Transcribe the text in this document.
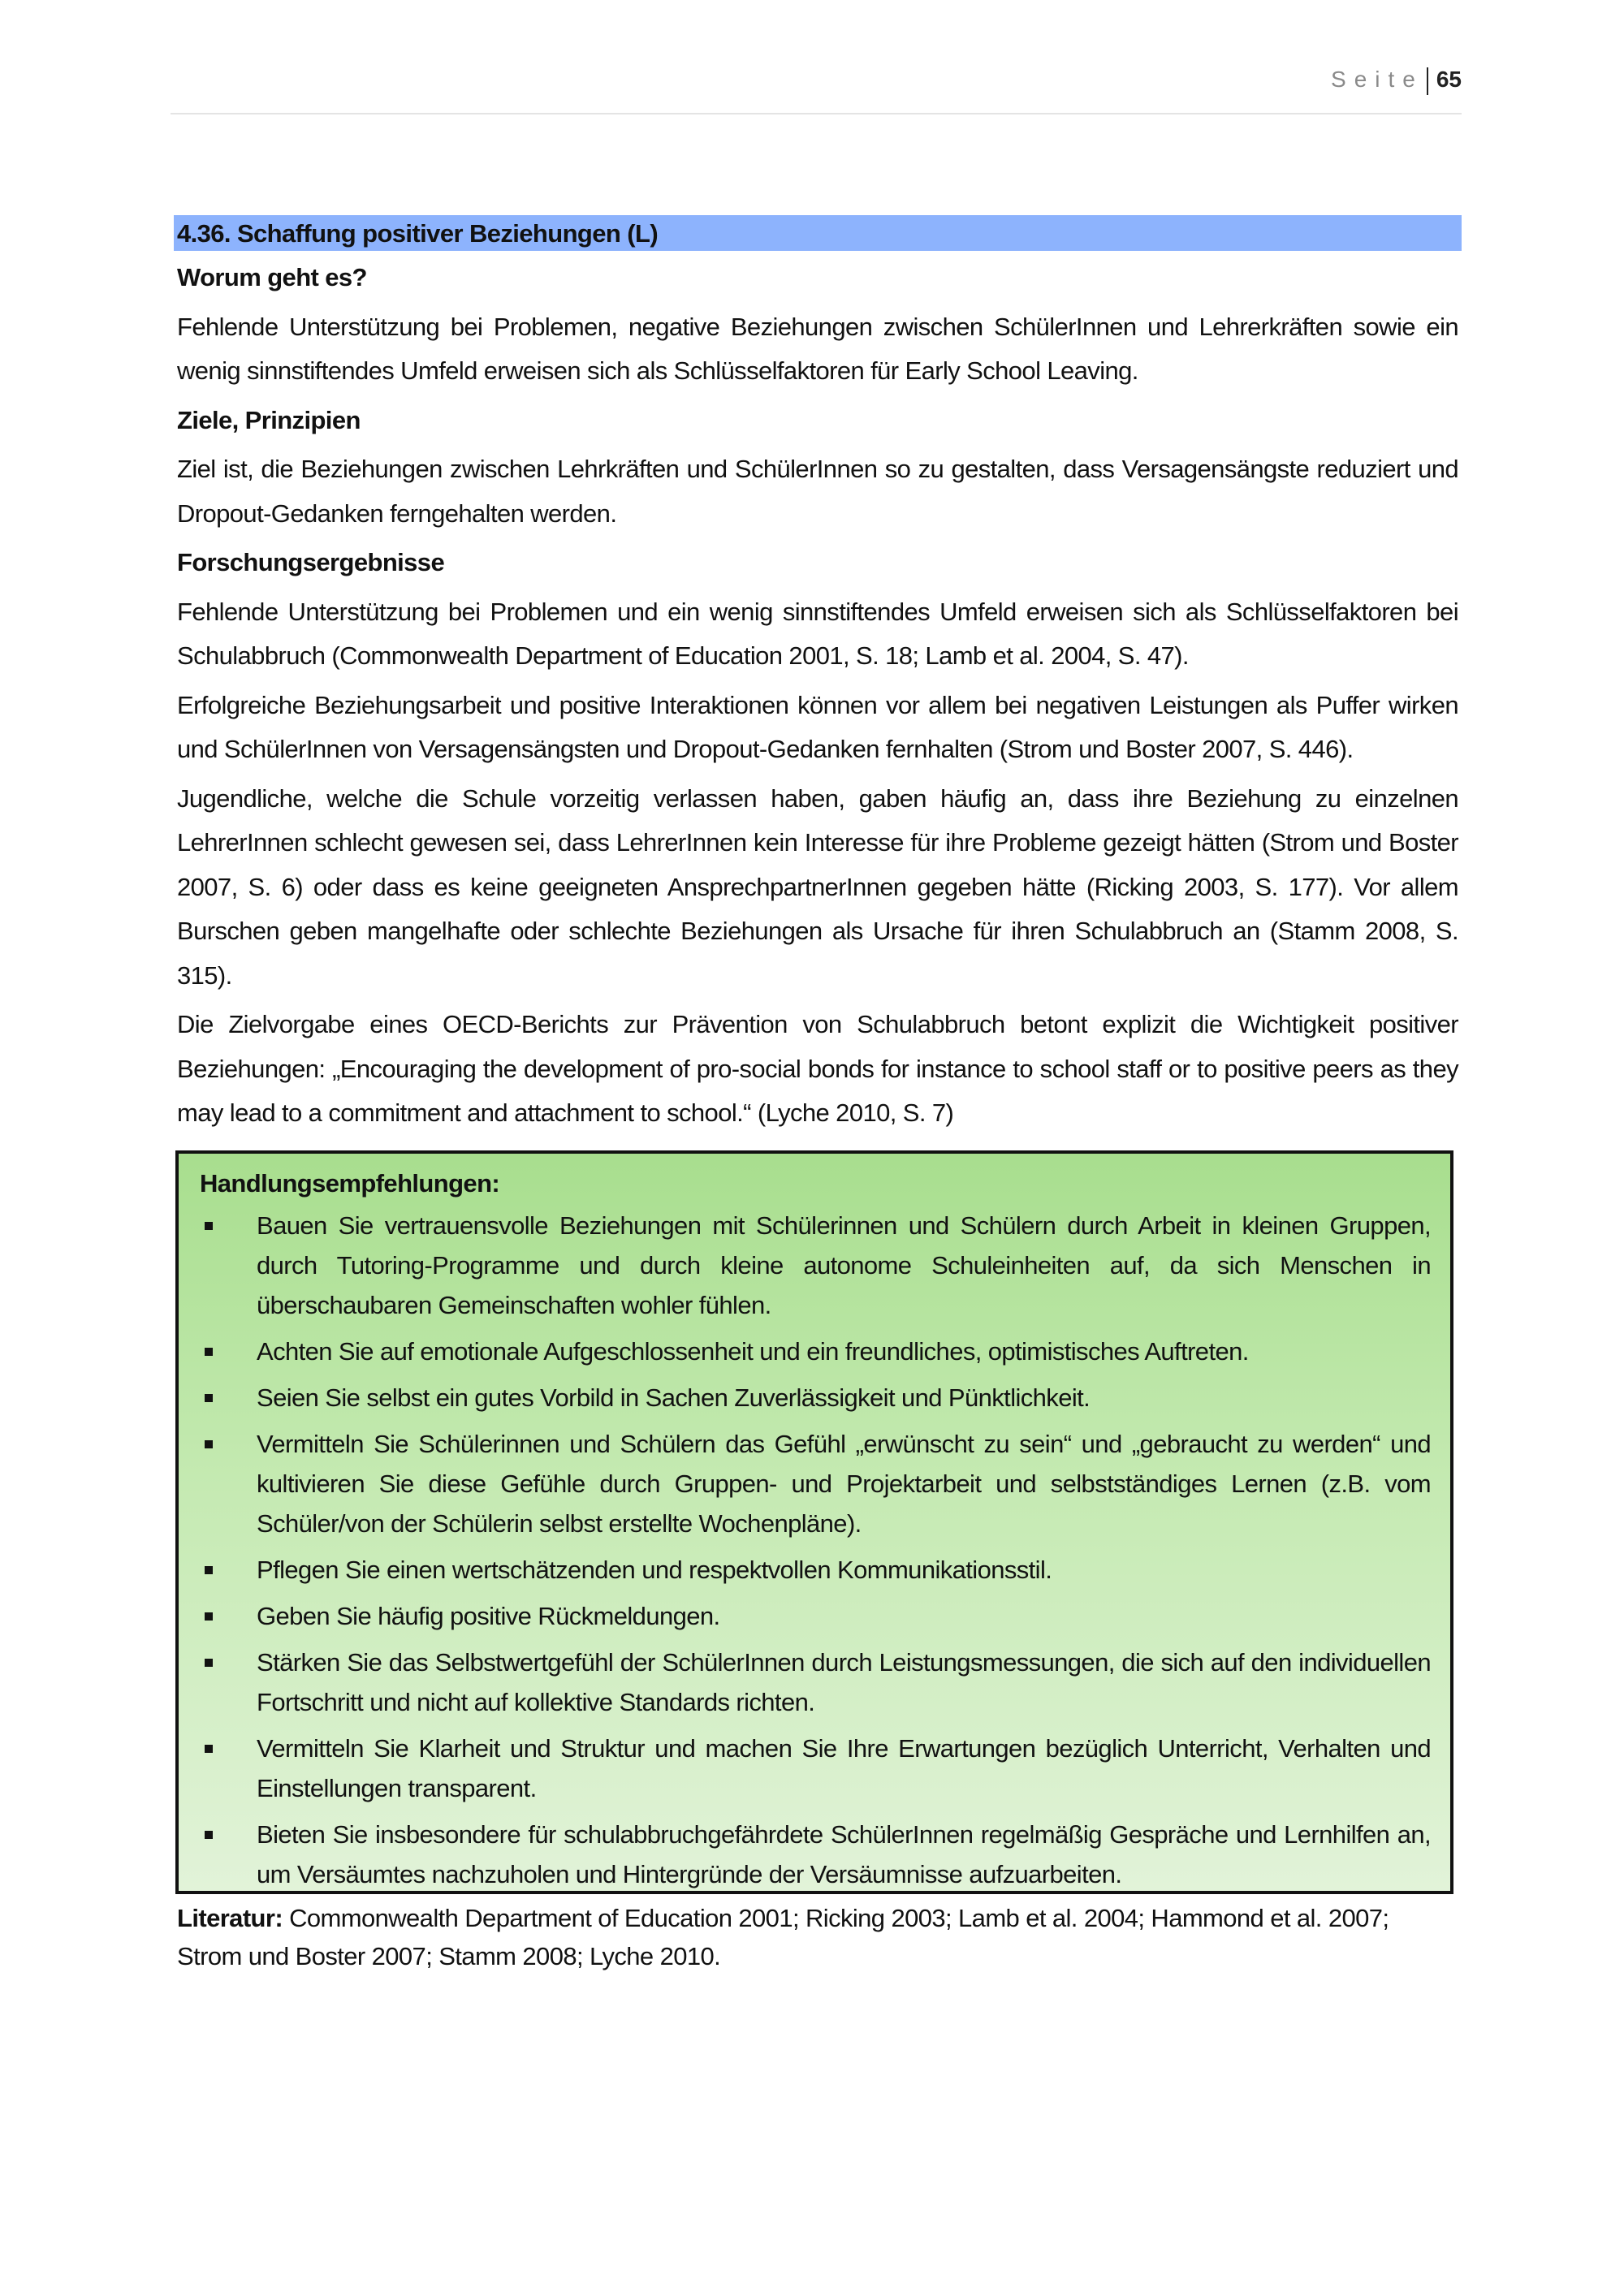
Seite 65
4.36. Schaffung positiver Beziehungen (L)
Worum geht es?

Fehlende Unterstützung bei Problemen, negative Beziehungen zwischen SchülerInnen und Lehrerkräften sowie ein wenig sinnstiftendes Umfeld erweisen sich als Schlüsselfaktoren für Early School Leaving.

Ziele, Prinzipien

Ziel ist, die Beziehungen zwischen Lehrkräften und SchülerInnen so zu gestalten, dass Versagensängste reduziert und Dropout-Gedanken ferngehalten werden.

Forschungsergebnisse

Fehlende Unterstützung bei Problemen und ein wenig sinnstiftendes Umfeld erweisen sich als Schlüsselfaktoren bei Schulabbruch (Commonwealth Department of Education 2001, S. 18; Lamb et al. 2004, S. 47).

Erfolgreiche Beziehungsarbeit und positive Interaktionen können vor allem bei negativen Leistungen als Puffer wirken und SchülerInnen von Versagensängsten und Dropout-Gedanken fernhalten (Strom und Boster 2007, S. 446).

Jugendliche, welche die Schule vorzeitig verlassen haben, gaben häufig an, dass ihre Beziehung zu einzelnen LehrerInnen schlecht gewesen sei, dass LehrerInnen kein Interesse für ihre Probleme gezeigt hätten (Strom und Boster 2007, S. 6) oder dass es keine geeigneten AnsprechpartnerInnen gegeben hätte (Ricking 2003, S. 177). Vor allem Burschen geben mangelhafte oder schlechte Beziehungen als Ursache für ihren Schulabbruch an (Stamm 2008, S. 315).

Die Zielvorgabe eines OECD-Berichts zur Prävention von Schulabbruch betont explizit die Wichtigkeit positiver Beziehungen: „Encouraging the development of pro-social bonds for instance to school staff or to positive peers as they may lead to a commitment and attachment to school.“ (Lyche 2010, S. 7)

Handlungsempfehlungen:
Bauen Sie vertrauensvolle Beziehungen mit Schülerinnen und Schülern durch Arbeit in kleinen Gruppen, durch Tutoring-Programme und durch kleine autonome Schuleinheiten auf, da sich Menschen in überschaubaren Gemeinschaften wohler fühlen.
Achten Sie auf emotionale Aufgeschlossenheit und ein freundliches, optimistisches Auftreten.
Seien Sie selbst ein gutes Vorbild in Sachen Zuverlässigkeit und Pünktlichkeit.
Vermitteln Sie Schülerinnen und Schülern das Gefühl „erwünscht zu sein“ und „gebraucht zu werden“ und kultivieren Sie diese Gefühle durch Gruppen- und Projektarbeit und selbstständiges Lernen (z.B. vom Schüler/von der Schülerin selbst erstellte Wochenpläne).
Pflegen Sie einen wertschätzenden und respektvollen Kommunikationsstil.
Geben Sie häufig positive Rückmeldungen.
Stärken Sie das Selbstwertgefühl der SchülerInnen durch Leistungsmessungen, die sich auf den individuellen Fortschritt und nicht auf kollektive Standards richten.
Vermitteln Sie Klarheit und Struktur und machen Sie Ihre Erwartungen bezüglich Unterricht, Verhalten und Einstellungen transparent.
Bieten Sie insbesondere für schulabbruchgefährdete SchülerInnen regelmäßig Gespräche und Lernhilfen an, um Versäumtes nachzuholen und Hintergründe der Versäumnisse aufzuarbeiten.
Literatur: Commonwealth Department of Education 2001; Ricking 2003; Lamb et al. 2004; Hammond et al. 2007; Strom und Boster 2007; Stamm 2008; Lyche 2010.
